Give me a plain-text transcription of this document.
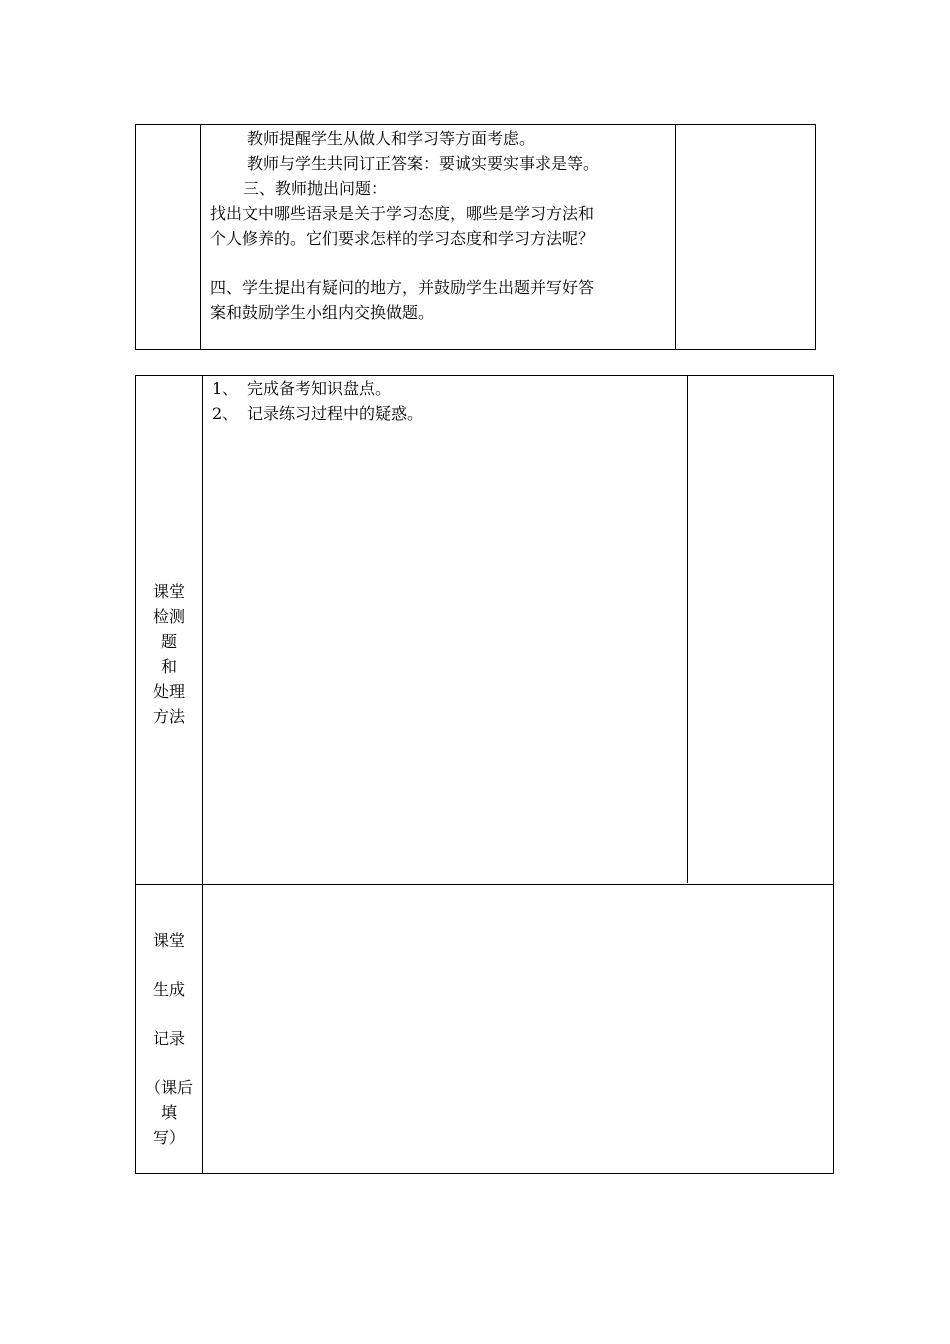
教师提醒学生从做人和学习等方面考虑。
教师与学生共同订正答案：要诚实要实事求是等。
三、教师抛出问题：
找出文中哪些语录是关于学习态度，哪些是学习方法和
个人修养的。它们要求怎样的学习态度和学习方法呢？
四、学生提出有疑问的地方，并鼓励学生出题并写好答
案和鼓励学生小组内交换做题。
课堂
检测
题
和
处理
方法
1、 完成备考知识盘点。
2、 记录练习过程中的疑惑。
课堂
生成
记录
（课后
填
写）
